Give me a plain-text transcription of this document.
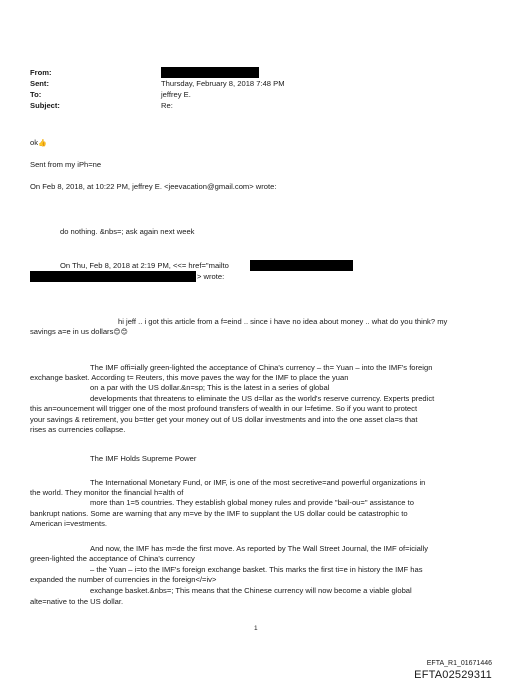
From:
Sent:	Thursday, February 8, 2018 7:48 PM
To:	jeffrey E.
Subject:	Re:
ok👍
Sent from my iPh=ne
On Feb 8, 2018, at 10:22 PM, jeffrey E. <jeevacation@gmail.com> wrote:
do nothing. &nbs=; ask again next week
On Thu, Feb 8, 2018 at 2:19 PM, <<= href="mailto
> wrote:
hi jeff .. i got this article from a f=eind .. since i have no idea about money .. what do you think? my
savings a=e in us dollars😊😊
The IMF offi=ially green-lighted the acceptance of China's currency – th= Yuan – into the IMF's foreign
exchange basket. According t= Reuters, this move paves the way for the IMF to place the yuan
on a par with the US dollar.&n=sp; This is the latest in a series of global
developments that threatens to eliminate the US d=llar as the world's reserve currency. Experts predict
this an=ouncement will trigger one of the most profound transfers of wealth in our l=fetime. So if you want to protect
your savings & retirement, you b=tter get your money out of US dollar investments and into the one asset cla=s that
rises as currencies collapse.
The IMF Holds Supreme Power
The International Monetary Fund, or IMF, is one of the most secretive=and powerful organizations in
the world. They monitor the financial h=alth of
more than 1=5 countries. They establish global money rules and provide "bail-ou=" assistance to
bankrupt nations. Some are warning that any m=ve by the IMF to supplant the US dollar could be catastrophic to
American i=vestments.
And now, the IMF has m=de the first move. As reported by The Wall Street Journal, the IMF of=icially
green-lighted the acceptance of China's currency
– the Yuan – i=to the IMF's foreign exchange basket. This marks the first ti=e in history the IMF has
expanded the number of currencies in the foreign</=iv>
exchange basket.&nbs=; This means that the Chinese currency will now become a viable global
alte=native to the US dollar.
1
EFTA_R1_01671446
EFTA02529311
